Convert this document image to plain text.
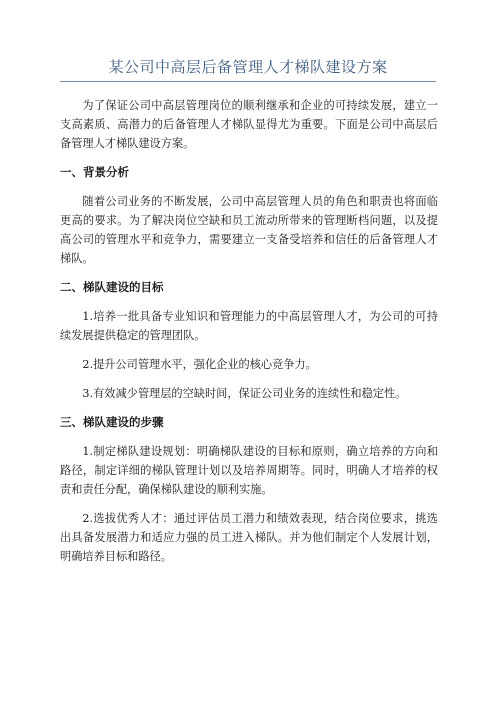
某公司中高层后备管理人才梯队建设方案

为了保证公司中高层管理岗位的顺利继承和企业的可持续发展，建立一支高素质、高潜力的后备管理人才梯队显得尤为重要。下面是公司中高层后备管理人才梯队建设方案。

一、背景分析

随着公司业务的不断发展，公司中高层管理人员的角色和职责也将面临更高的要求。为了解决岗位空缺和员工流动所带来的管理断档问题，以及提高公司的管理水平和竞争力，需要建立一支备受培养和信任的后备管理人才梯队。

二、梯队建设的目标

1.培养一批具备专业知识和管理能力的中高层管理人才，为公司的可持续发展提供稳定的管理团队。

2.提升公司管理水平，强化企业的核心竞争力。

3.有效减少管理层的空缺时间，保证公司业务的连续性和稳定性。

三、梯队建设的步骤

1.制定梯队建设规划：明确梯队建设的目标和原则，确立培养的方向和路径，制定详细的梯队管理计划以及培养周期等。同时，明确人才培养的权责和责任分配，确保梯队建设的顺利实施。

2.选拔优秀人才：通过评估员工潜力和绩效表现，结合岗位要求，挑选出具备发展潜力和适应力强的员工进入梯队。并为他们制定个人发展计划，明确培养目标和路径。
